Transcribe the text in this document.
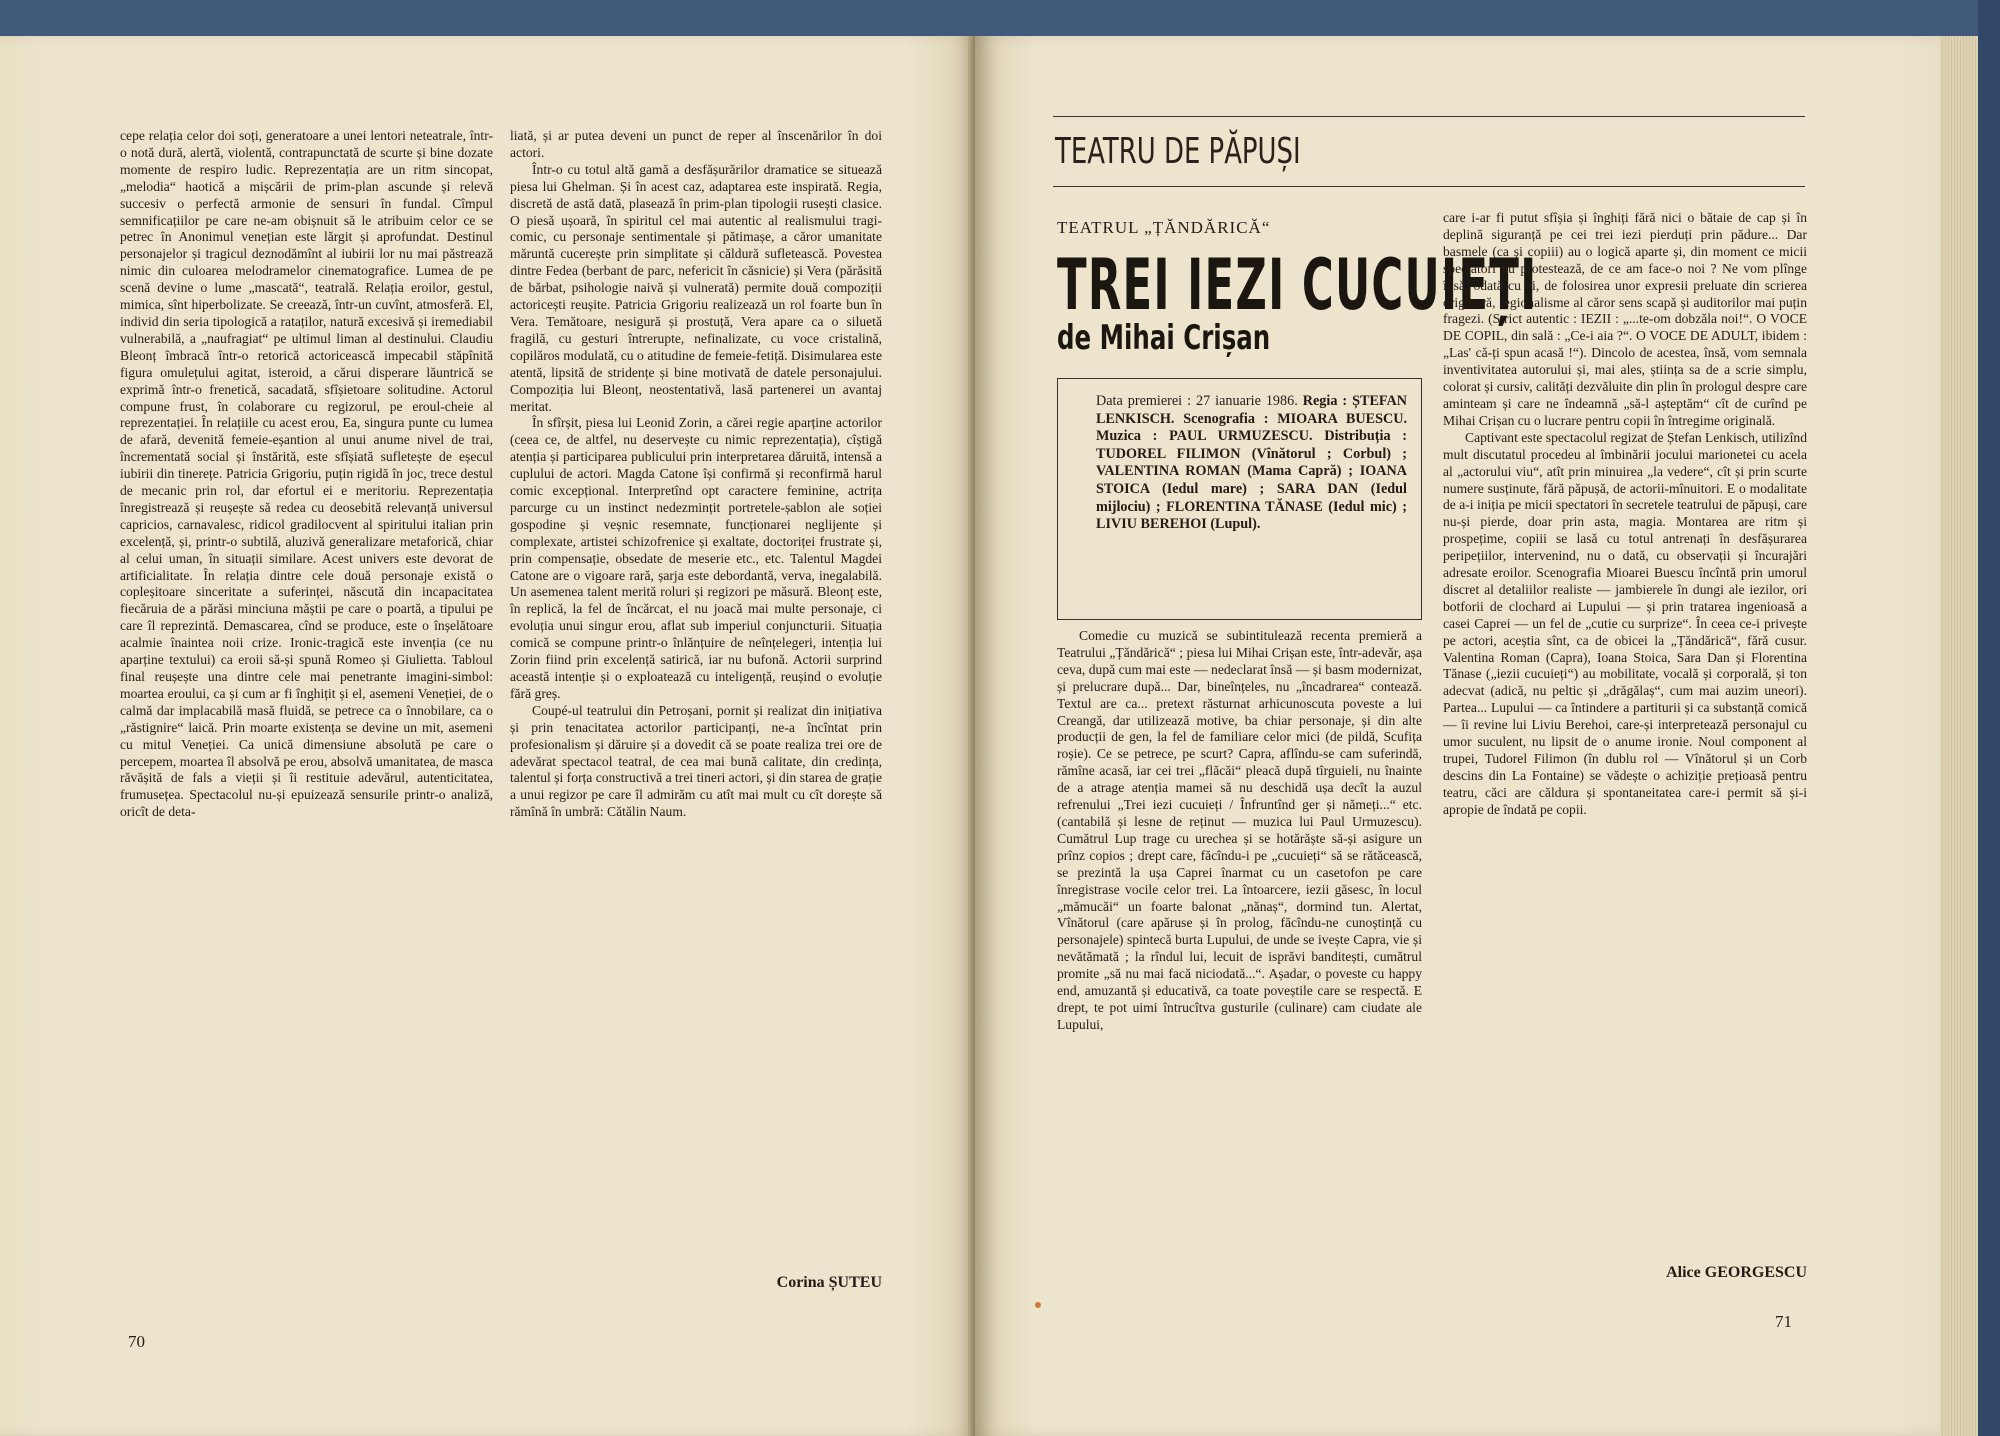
cepe relația celor doi soți, generatoare a unei lentori neteatrale, într-o notă dură, alertă, violentă, contrapunctată de scurte și bine dozate momente de respiro ludic. Reprezentația are un ritm sincopat, „melodia“ haotică a mișcării de prim-plan ascunde și relevă succesiv o perfectă armonie de sensuri în fundal. Cîmpul semnificațiilor pe care ne-am obișnuit să le atribuim celor ce se petrec în Anonimul venețian este lărgit și aprofundat. Destinul personajelor și tragicul deznodămînt al iubirii lor nu mai păstrează nimic din culoarea melodramelor cinematografice. Lumea de pe scenă devine o lume „mascată“, teatrală. Relația eroilor, gestul, mimica, sînt hiperbolizate. Se creează, într-un cuvînt, atmosferă. El, individ din seria tipologică a rataților, natură excesivă și iremediabil vulnerabilă, a „naufragiat“ pe ultimul liman al destinului. Claudiu Bleonț îmbracă într-o retorică actoricească impecabil stăpînită figura omulețului agitat, isteroid, a cărui disperare lăuntrică se exprimă într-o frenetică, sacadată, sfîșietoare solitudine. Actorul compune frust, în colaborare cu regizorul, pe eroul-cheie al reprezentației. În relațiile cu acest erou, Ea, singura punte cu lumea de afară, devenită femeie-eșantion al unui anume nivel de trai, încrementată social și înstărită, este sfîșiată sufletește de eșecul iubirii din tinerețe. Patricia Grigoriu, puțin rigidă în joc, trece destul de mecanic prin rol, dar efortul ei e meritoriu. Reprezentația înregistrează și reușește să redea cu deosebită relevanță universul capricios, carnavalesc, ridicol gradilocvent al spiritului italian prin excelență, și, printr-o subtilă, aluzivă generalizare metaforică, chiar al celui uman, în situații similare. Acest univers este devorat de artificialitate. În relația dintre cele două personaje există o copleșitoare sinceritate a suferinței, născută din incapacitatea fiecăruia de a părăsi minciuna măștii pe care o poartă, a tipului pe care îl reprezintă. Demascarea, cînd se produce, este o înșelătoare acalmie înaintea noii crize. Ironic-tragică este invenția (ce nu aparține textului) ca eroii să-și spună Romeo și Giulietta. Tabloul final reușește una dintre cele mai penetrante imagini-simbol: moartea eroului, ca și cum ar fi înghițit și el, asemeni Veneției, de o calmă dar implacabilă masă fluidă, se petrece ca o înnobilare, ca o „răstignire“ laică. Prin moarte existența se devine un mit, asemeni cu mitul Veneției. Ca unică dimensiune absolută pe care o percepem, moartea îl absolvă pe erou, absolvă umanitatea, de masca răvășită de fals a vieții și îi restituie adevărul, autenticitatea, frumusețea. Spectacolul nu-și epuizează sensurile printr-o analiză, oricît de deta-

liată, și ar putea deveni un punct de reper al înscenărilor în doi actori.

Într-o cu totul altă gamă a desfășurărilor dramatice se situează piesa lui Ghelman. Și în acest caz, adaptarea este inspirată. Regia, discretă de astă dată, plasează în prim-plan tipologii rusești clasice. O piesă ușoară, în spiritul cel mai autentic al realismului tragi-comic, cu personaje sentimentale și pătimașe, a căror umanitate măruntă cucerește prin simplitate și căldură sufletească. Povestea dintre Fedea (berbant de parc, nefericit în căsnicie) și Vera (părăsită de bărbat, psihologie naivă și vulnerată) permite două compoziții actoricești reușite. Patricia Grigoriu realizează un rol foarte bun în Vera. Temătoare, nesigură și prostuță, Vera apare ca o siluetă fragilă, cu gesturi întrerupte, nefinalizate, cu voce cristalină, copilăros modulată, cu o atitudine de femeie-fetiță. Disimularea este atentă, lipsită de stridențe și bine motivată de datele personajului. Compoziția lui Bleonț, neostentativă, lasă partenerei un avantaj meritat.

În sfîrșit, piesa lui Leonid Zorin, a cărei regie aparține actorilor (ceea ce, de altfel, nu deservește cu nimic reprezentația), cîștigă atenția și participarea publicului prin interpretarea dăruită, intensă a cuplului de actori. Magda Catone își confirmă și reconfirmă harul comic excepțional. Interpretînd opt caractere feminine, actrița parcurge cu un instinct nedezmințit portretele-șablon ale soției gospodine și veșnic resemnate, funcționarei neglijente și complexate, artistei schizofrenice și exaltate, doctoriței frustrate și, prin compensație, obsedate de meserie etc., etc. Talentul Magdei Catone are o vigoare rară, șarja este debordantă, verva, inegalabilă. Un asemenea talent merită roluri și regizori pe măsură. Bleonț este, în replică, la fel de încărcat, el nu joacă mai multe personaje, ci evoluția unui singur erou, aflat sub imperiul conjuncturii. Situația comică se compune printr-o înlănțuire de neînțelegeri, intenția lui Zorin fiind prin excelență satirică, iar nu bufonă. Actorii surprind această intenție și o exploatează cu inteligență, reușind o evoluție fără greș.

Coupé-ul teatrului din Petroșani, pornit și realizat din inițiativa și prin tenacitatea actorilor participanți, ne-a încîntat prin profesionalism și dăruire și a dovedit că se poate realiza trei ore de adevărat spectacol teatral, de cea mai bună calitate, din credința, talentul și forța constructivă a trei tineri actori, și din starea de grație a unui regizor pe care îl admirăm cu atît mai mult cu cît dorește să rămînă în umbră: Cătălin Naum.

Corina ȘUTEU
70
TEATRU DE PĂPUȘI
TEATRUL „ȚĂNDĂRICĂ“
TREI IEZI CUCUIEȚI
de Mihai Crișan
Data premierei : 27 ianuarie 1986. Regia : ȘTEFAN LENKISCH. Scenografia : MIOARA BUESCU. Muzica : PAUL URMUZESCU. Distribuția : TUDOREL FILIMON (Vînătorul ; Corbul) ; VALENTINA ROMAN (Mama Capră) ; IOANA STOICA (Iedul mare) ; SARA DAN (Iedul mijlociu) ; FLORENTINA TĂNASE (Iedul mic) ; LIVIU BEREHOI (Lupul).

Comedie cu muzică se subintitulează recenta premieră a Teatrului „Țăndărică“ ; piesa lui Mihai Crișan este, într-adevăr, așa ceva, după cum mai este — nedeclarat însă — și basm modernizat, și prelucrare după... Dar, bineînțeles, nu „încadrarea“ contează. Textul are ca... pretext răsturnat arhicunoscuta poveste a lui Creangă, dar utilizează motive, ba chiar personaje, și din alte producții de gen, la fel de familiare celor mici (de pildă, Scufița roșie). Ce se petrece, pe scurt? Capra, aflîndu-se cam suferindă, rămîne acasă, iar cei trei „flăcăi“ pleacă după tîrguieli, nu înainte de a atrage atenția mamei să nu deschidă ușa decît la auzul refrenului „Trei iezi cucuieți / Înfruntînd ger și nămeți...“ etc. (cantabilă și lesne de reținut — muzica lui Paul Urmuzescu). Cumătrul Lup trage cu urechea și se hotărăște să-și asigure un prînz copios ; drept care, făcîndu-i pe „cucuieți“ să se rătăcească, se prezintă la ușa Caprei înarmat cu un casetofon pe care înregistrase vocile celor trei. La întoarcere, iezii găsesc, în locul „mămucăi“ un foarte balonat „nănaș“, dormind tun. Alertat, Vînătorul (care apăruse și în prolog, făcîndu-ne cunoștință cu personajele) spintecă burta Lupului, de unde se ivește Capra, vie și nevătămată ; la rîndul lui, lecuit de isprăvi banditești, cumătrul promite „să nu mai facă niciodată...“. Așadar, o poveste cu happy end, amuzantă și educativă, ca toate poveștile care se respectă. E drept, te pot uimi întrucîtva gusturile (culinare) cam ciudate ale Lupului,

care i-ar fi putut sfîșia și înghiți fără nici o bătaie de cap și în deplină siguranță pe cei trei iezi pierduți prin pădure... Dar basmele (ca și copiii) au o logică aparte și, din moment ce micii spectatori nu protestează, de ce am face-o noi ? Ne vom plînge însă, odată cu ei, de folosirea unor expresii preluate din scrierea originară, regionalisme al căror sens scapă și auditorilor mai puțin fragezi. (Strict autentic : IEZII : „...te-om dobzăla noi!“. O VOCE DE COPIL, din sală : „Ce-i aia ?“. O VOCE DE ADULT, ibidem : „Las' că-ți spun acasă !“). Dincolo de acestea, însă, vom semnala inventivitatea autorului și, mai ales, știința sa de a scrie simplu, colorat și cursiv, calități dezvăluite din plin în prologul despre care aminteam și care ne îndeamnă „să-l așteptăm“ cît de curînd pe Mihai Crișan cu o lucrare pentru copii în întregime originală.

Captivant este spectacolul regizat de Ștefan Lenkisch, utilizînd mult discutatul procedeu al îmbinării jocului marionetei cu acela al „actorului viu“, atît prin minuirea „la vedere“, cît și prin scurte numere susținute, fără păpușă, de actorii-mînuitori. E o modalitate de a-i iniția pe micii spectatori în secretele teatrului de păpuși, care nu-și pierde, doar prin asta, magia. Montarea are ritm și prospețime, copiii se lasă cu totul antrenați în desfășurarea peripețiilor, intervenind, nu o dată, cu observații și încurajări adresate eroilor. Scenografia Mioarei Buescu încîntă prin umorul discret al detaliilor realiste — jambierele în dungi ale iezilor, ori botforii de clochard ai Lupului — și prin tratarea ingenioasă a casei Caprei — un fel de „cutie cu surprize“. În ceea ce-i privește pe actori, aceștia sînt, ca de obicei la „Țăndărică“, fără cusur. Valentina Roman (Capra), Ioana Stoica, Sara Dan și Florentina Tănase („iezii cucuieți“) au mobilitate, vocală și corporală, și ton adecvat (adică, nu peltic și „drăgălaș“, cum mai auzim uneori). Partea... Lupului — ca întindere a partiturii și ca substanță comică — îi revine lui Liviu Berehoi, care-și interpretează personajul cu umor suculent, nu lipsit de o anume ironie. Noul component al trupei, Tudorel Filimon (în dublu rol — Vînătorul și un Corb descins din La Fontaine) se vădește o achiziție prețioasă pentru teatru, căci are căldura și spontaneitatea care-i permit să și-i apropie de îndată pe copii.

Alice GEORGESCU
71
